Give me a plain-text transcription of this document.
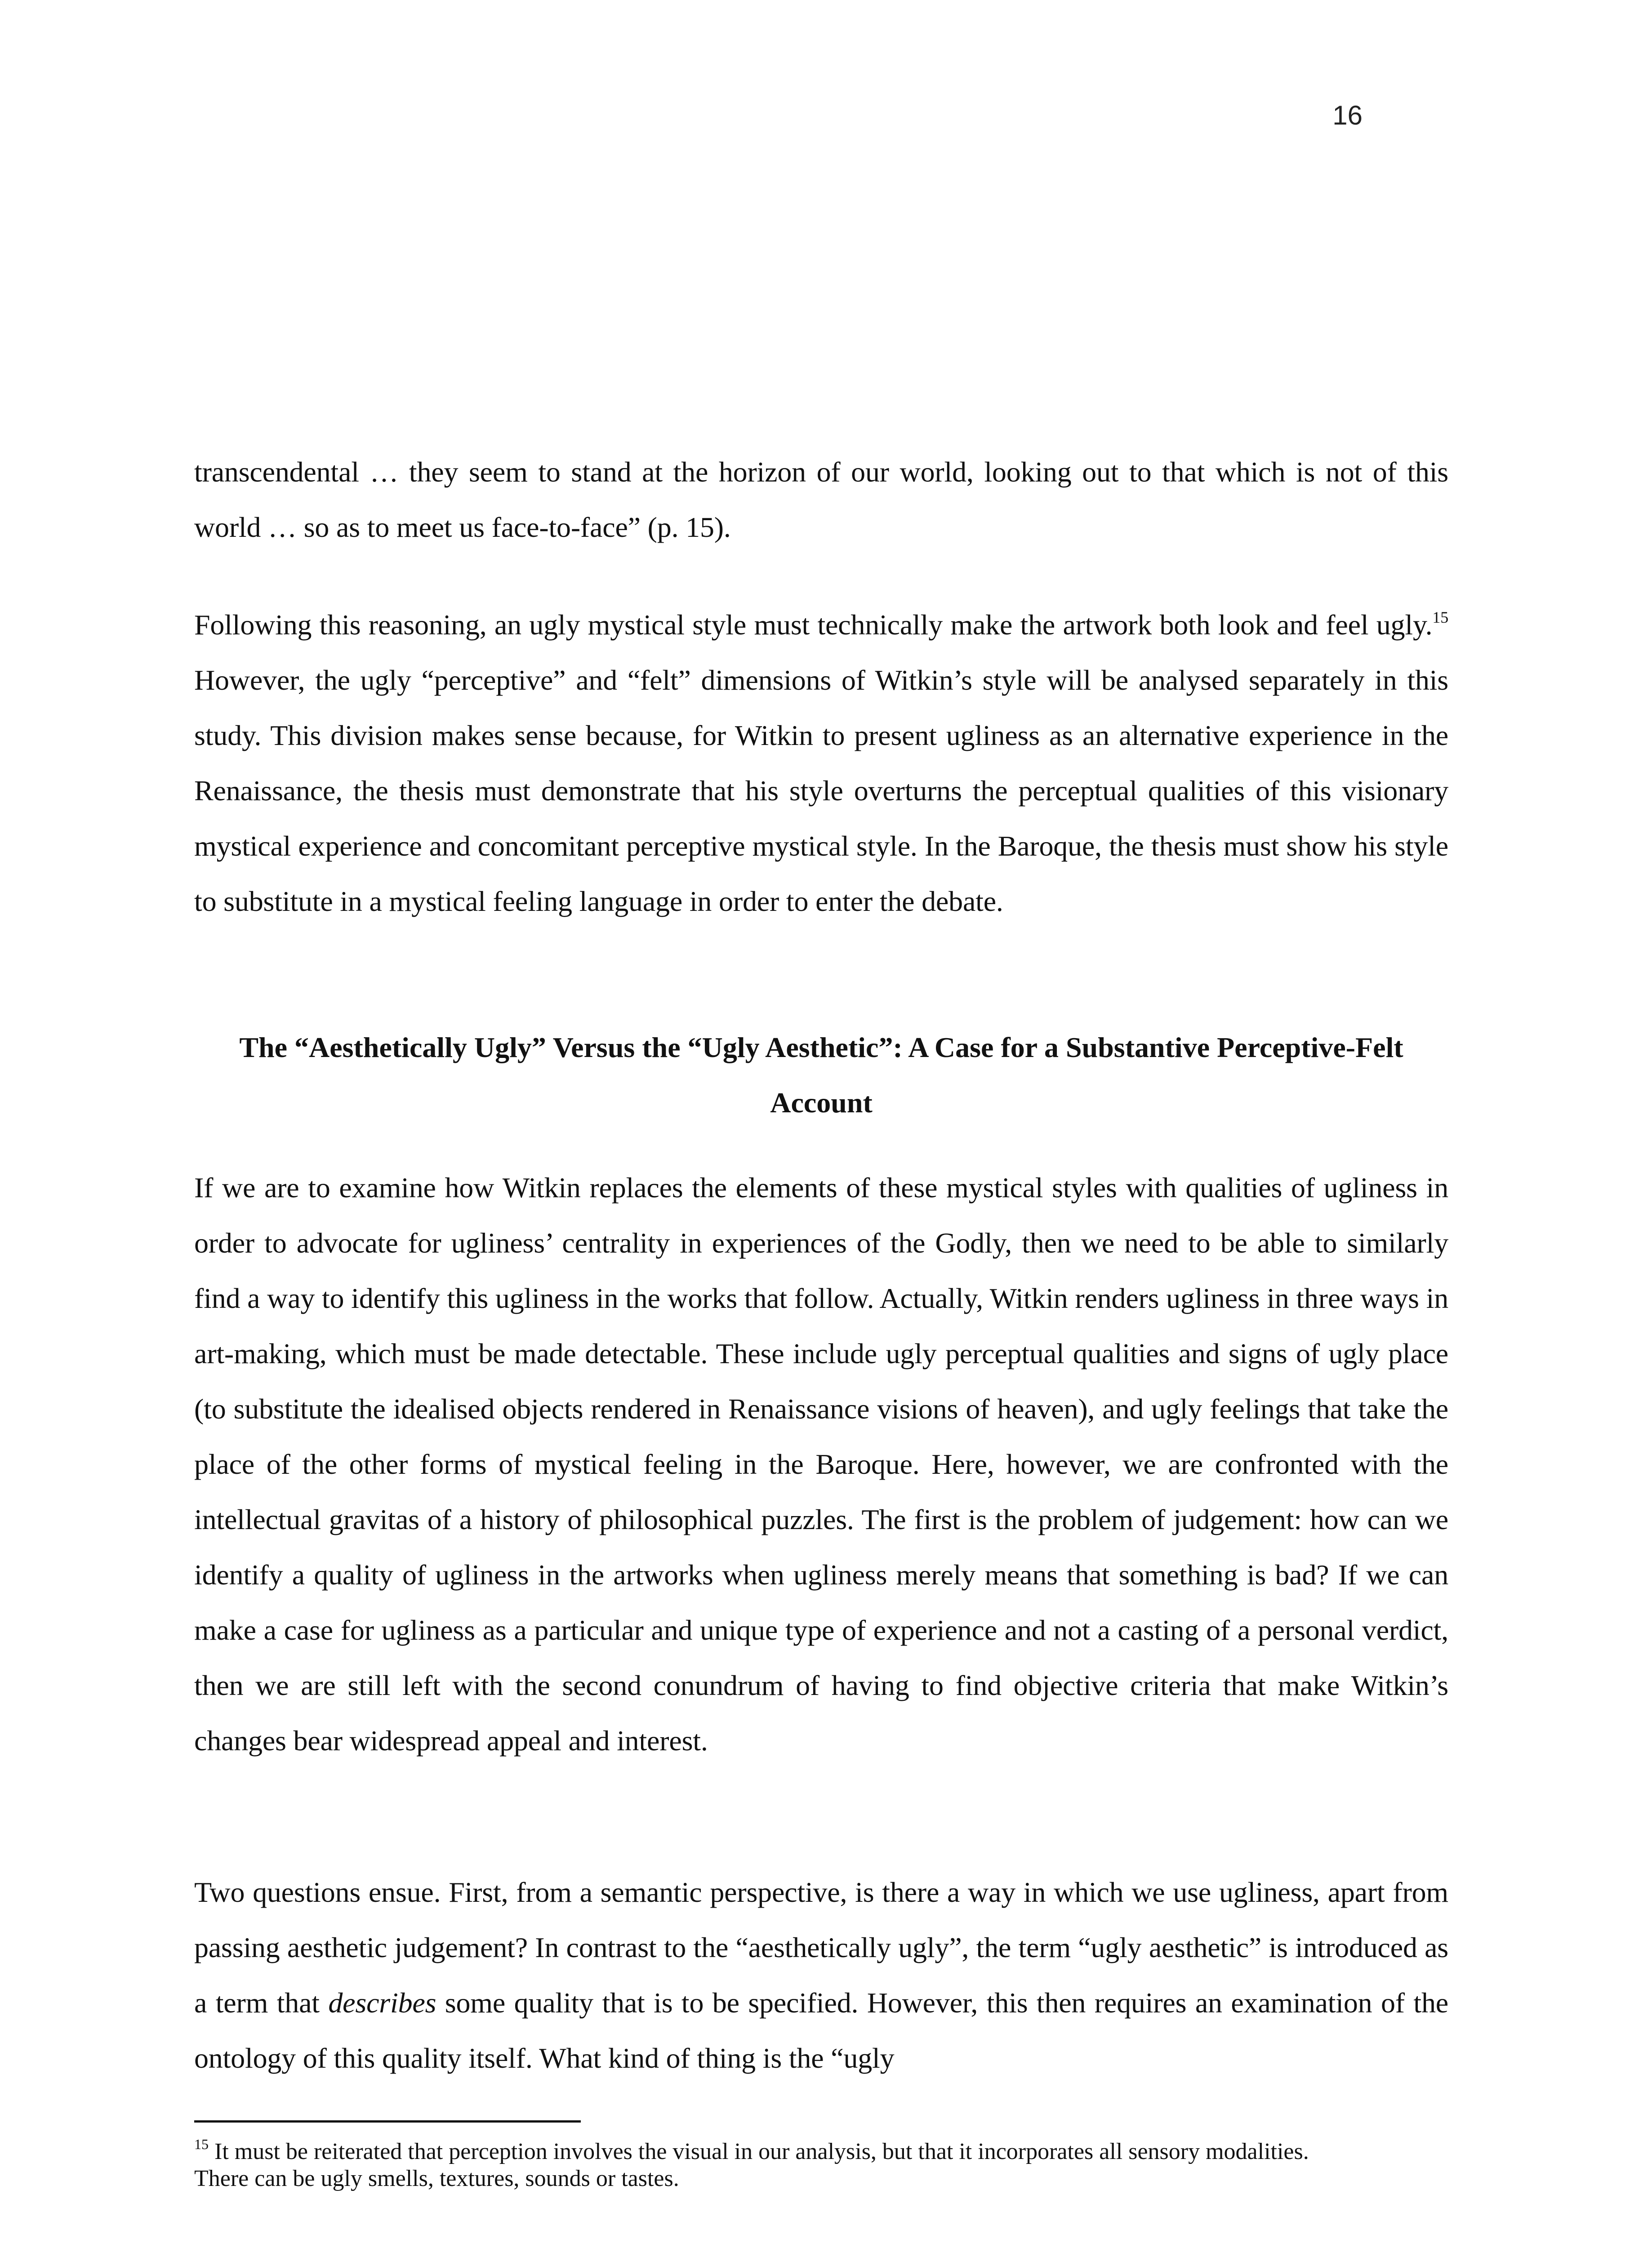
16

transcendental … they seem to stand at the horizon of our world, looking out to that which is not of this world … so as to meet us face-to-face” (p. 15).

Following this reasoning, an ugly mystical style must technically make the artwork both look and feel ugly.$^{15}$ However, the ugly “perceptive” and “felt” dimensions of Witkin’s style will be analysed separately in this study. This division makes sense because, for Witkin to present ugliness as an alternative experience in the Renaissance, the thesis must demonstrate that his style overturns the perceptual qualities of this visionary mystical experience and concomitant perceptive mystical style. In the Baroque, the thesis must show his style to substitute in a mystical feeling language in order to enter the debate.

The “Aesthetically Ugly” Versus the “Ugly Aesthetic”: A Case for a Substantive Perceptive-Felt Account

If we are to examine how Witkin replaces the elements of these mystical styles with qualities of ugliness in order to advocate for ugliness’ centrality in experiences of the Godly, then we need to be able to similarly find a way to identify this ugliness in the works that follow. Actually, Witkin renders ugliness in three ways in art-making, which must be made detectable. These include ugly perceptual qualities and signs of ugly place (to substitute the idealised objects rendered in Renaissance visions of heaven), and ugly feelings that take the place of the other forms of mystical feeling in the Baroque. Here, however, we are confronted with the intellectual gravitas of a history of philosophical puzzles. The first is the problem of judgement: how can we identify a quality of ugliness in the artworks when ugliness merely means that something is bad? If we can make a case for ugliness as a particular and unique type of experience and not a casting of a personal verdict, then we are still left with the second conundrum of having to find objective criteria that make Witkin’s changes bear widespread appeal and interest.

Two questions ensue. First, from a semantic perspective, is there a way in which we use ugliness, apart from passing aesthetic judgement? In contrast to the “aesthetically ugly”, the term “ugly aesthetic” is introduced as a term that describes some quality that is to be specified. However, this then requires an examination of the ontology of this quality itself. What kind of thing is the “ugly

$^{15}$ It must be reiterated that perception involves the visual in our analysis, but that it incorporates all sensory modalities. There can be ugly smells, textures, sounds or tastes.
